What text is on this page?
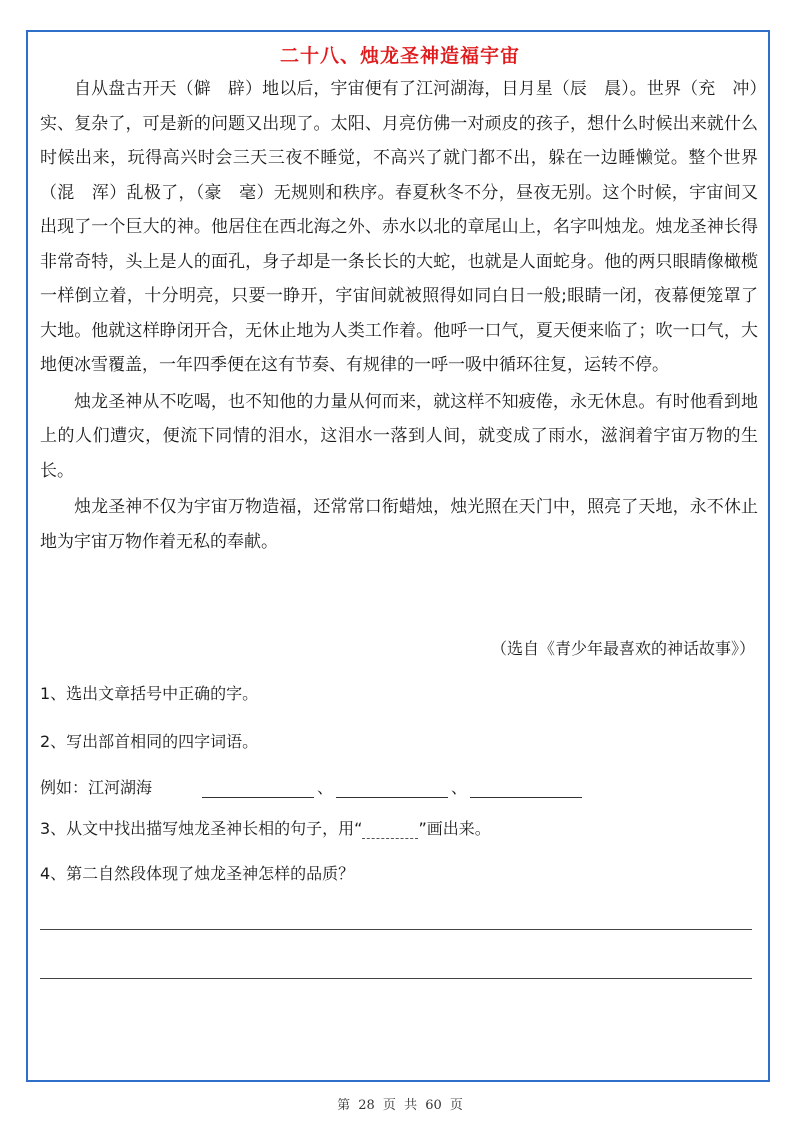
二十八、烛龙圣神造福宇宙

自从盘古开天（僻　辟）地以后，宇宙便有了江河湖海，日月星（辰　晨）。世界（充　冲）实、复杂了，可是新的问题又出现了。太阳、月亮仿佛一对顽皮的孩子，想什么时候出来就什么时候出来，玩得高兴时会三天三夜不睡觉，不高兴了就门都不出，躲在一边睡懒觉。整个世界（混　浑）乱极了，（豪　毫）无规则和秩序。春夏秋冬不分，昼夜无别。这个时候，宇宙间又出现了一个巨大的神。他居住在西北海之外、赤水以北的章尾山上，名字叫烛龙。烛龙圣神长得非常奇特，头上是人的面孔，身子却是一条长长的大蛇，也就是人面蛇身。他的两只眼睛像橄榄一样倒立着，十分明亮，只要一睁开，宇宙间就被照得如同白日一般;眼睛一闭，夜幕便笼罩了大地。他就这样睁闭开合，无休止地为人类工作着。他呼一口气，夏天便来临了；吹一口气，大地便冰雪覆盖，一年四季便在这有节奏、有规律的一呼一吸中循环往复，运转不停。

烛龙圣神从不吃喝，也不知他的力量从何而来，就这样不知疲倦，永无休息。有时他看到地上的人们遭灾，便流下同情的泪水，这泪水一落到人间，就变成了雨水，滋润着宇宙万物的生长。

烛龙圣神不仅为宇宙万物造福，还常常口衔蜡烛，烛光照在天门中，照亮了天地，永不休止地为宇宙万物作着无私的奉献。

（选自《青少年最喜欢的神话故事》）
1、选出文章括号中正确的字。
2、写出部首相同的四字词语。
例如：江河湖海	、	、
3、从文中找出描写烛龙圣神长相的句子，用“	”画出来。
4、第二自然段体现了烛龙圣神怎样的品质？
第 28 页 共 60 页
